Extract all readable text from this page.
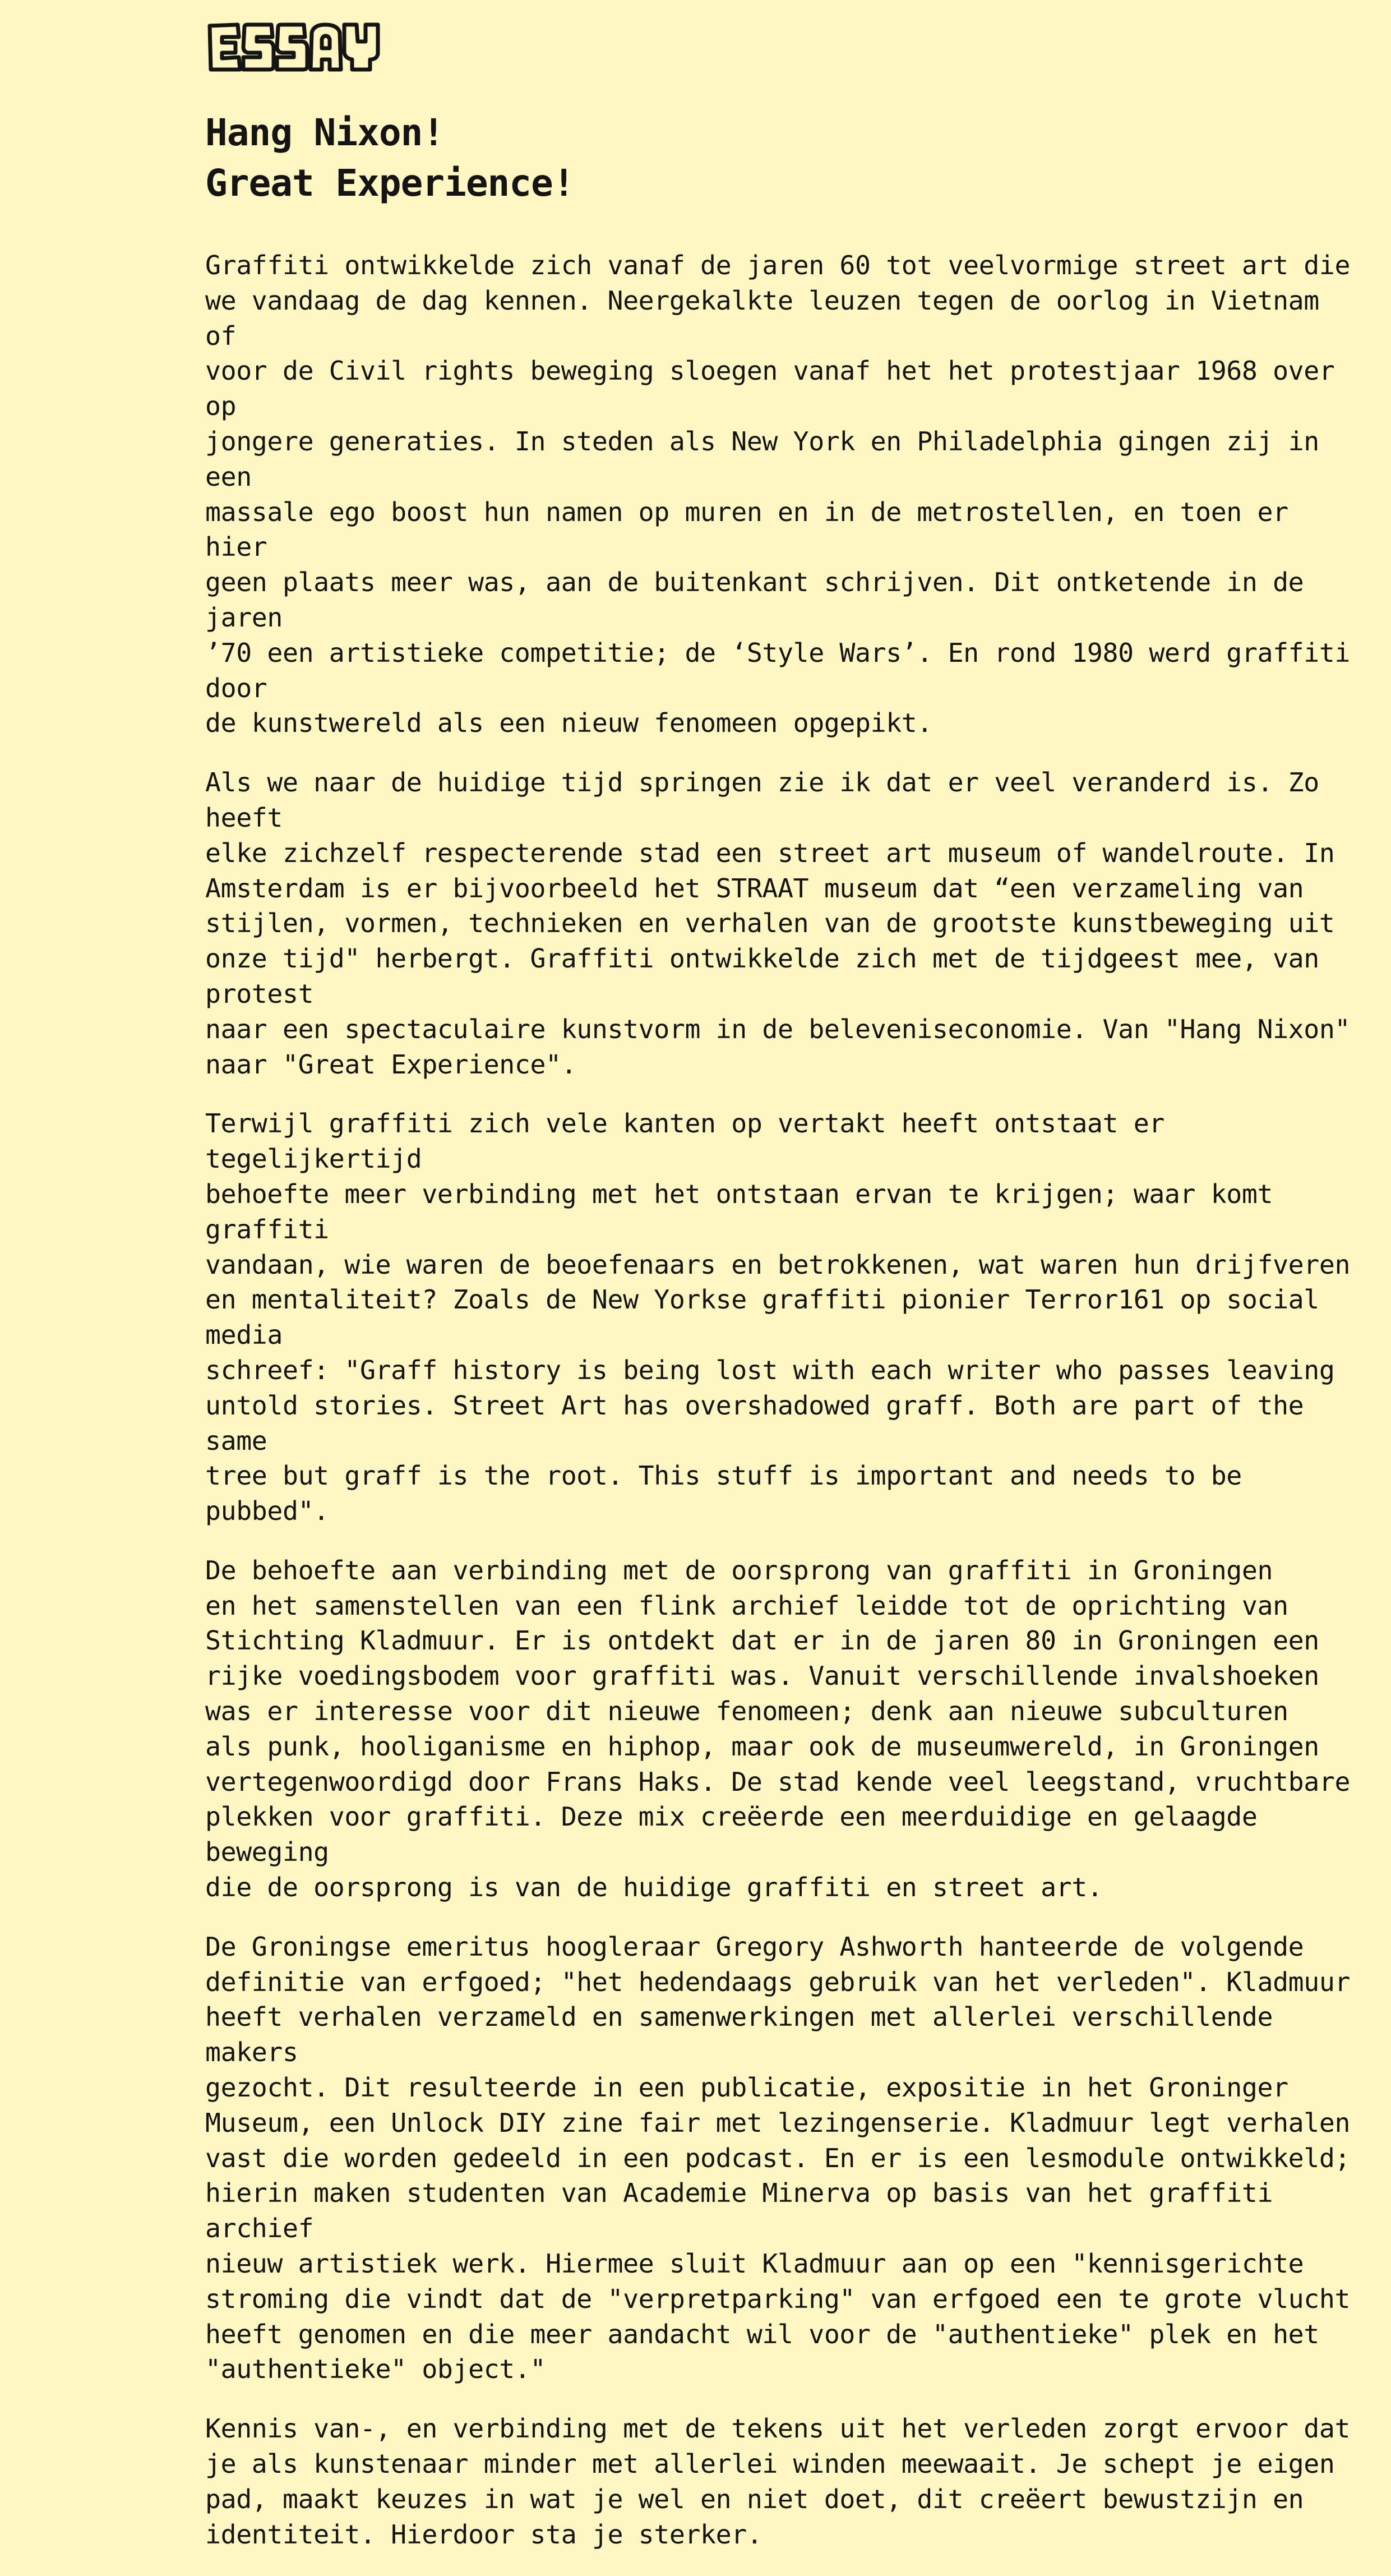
Hang Nixon!
Great Experience!

Graffiti ontwikkelde zich vanaf de jaren 60 tot veelvormige street art die
we vandaag de dag kennen. Neergekalkte leuzen tegen de oorlog in Vietnam of
voor de Civil rights beweging sloegen vanaf het het protestjaar 1968 over op
jongere generaties. In steden als New York en Philadelphia gingen zij in een
massale ego boost hun namen op muren en in de metrostellen, en toen er hier
geen plaats meer was, aan de buitenkant schrijven. Dit ontketende in de jaren
’70 een artistieke competitie; de ‘Style Wars’. En rond 1980 werd graffiti door
de kunstwereld als een nieuw fenomeen opgepikt.

Als we naar de huidige tijd springen zie ik dat er veel veranderd is. Zo heeft
elke zichzelf respecterende stad een street art museum of wandelroute. In
Amsterdam is er bijvoorbeeld het STRAAT museum dat “een verzameling van
stijlen, vormen, technieken en verhalen van de grootste kunstbeweging uit
onze tijd" herbergt. Graffiti ontwikkelde zich met de tijdgeest mee, van protest
naar een spectaculaire kunstvorm in de beleveniseconomie. Van "Hang Nixon"
naar "Great Experience".

Terwijl graffiti zich vele kanten op vertakt heeft ontstaat er tegelijkertijd
behoefte meer verbinding met het ontstaan ervan te krijgen; waar komt graffiti
vandaan, wie waren de beoefenaars en betrokkenen, wat waren hun drijfveren
en mentaliteit? Zoals de New Yorkse graffiti pionier Terror161 op social media
schreef: "Graff history is being lost with each writer who passes leaving
untold stories. Street Art has overshadowed graff. Both are part of the same
tree but graff is the root. This stuff is important and needs to be pubbed".

De behoefte aan verbinding met de oorsprong van graffiti in Groningen
en het samenstellen van een flink archief leidde tot de oprichting van
Stichting Kladmuur. Er is ontdekt dat er in de jaren 80 in Groningen een
rijke voedingsbodem voor graffiti was. Vanuit verschillende invalshoeken
was er interesse voor dit nieuwe fenomeen; denk aan nieuwe subculturen
als punk, hooliganisme en hiphop, maar ook de museumwereld, in Groningen
vertegenwoordigd door Frans Haks. De stad kende veel leegstand, vruchtbare
plekken voor graffiti. Deze mix creëerde een meerduidige en gelaagde beweging
die de oorsprong is van de huidige graffiti en street art.

De Groningse emeritus hoogleraar Gregory Ashworth hanteerde de volgende
definitie van erfgoed; "het hedendaags gebruik van het verleden". Kladmuur
heeft verhalen verzameld en samenwerkingen met allerlei verschillende makers
gezocht. Dit resulteerde in een publicatie, expositie in het Groninger
Museum, een Unlock DIY zine fair met lezingenserie. Kladmuur legt verhalen
vast die worden gedeeld in een podcast. En er is een lesmodule ontwikkeld;
hierin maken studenten van Academie Minerva op basis van het graffiti archief
nieuw artistiek werk. Hiermee sluit Kladmuur aan op een "kennisgerichte
stroming die vindt dat de "verpretparking" van erfgoed een te grote vlucht
heeft genomen en die meer aandacht wil voor de "authentieke" plek en het
"authentieke" object."

Kennis van-, en verbinding met de tekens uit het verleden zorgt ervoor dat
je als kunstenaar minder met allerlei winden meewaait. Je schept je eigen
pad, maakt keuzes in wat je wel en niet doet, dit creëert bewustzijn en
identiteit. Hierdoor sta je sterker.
